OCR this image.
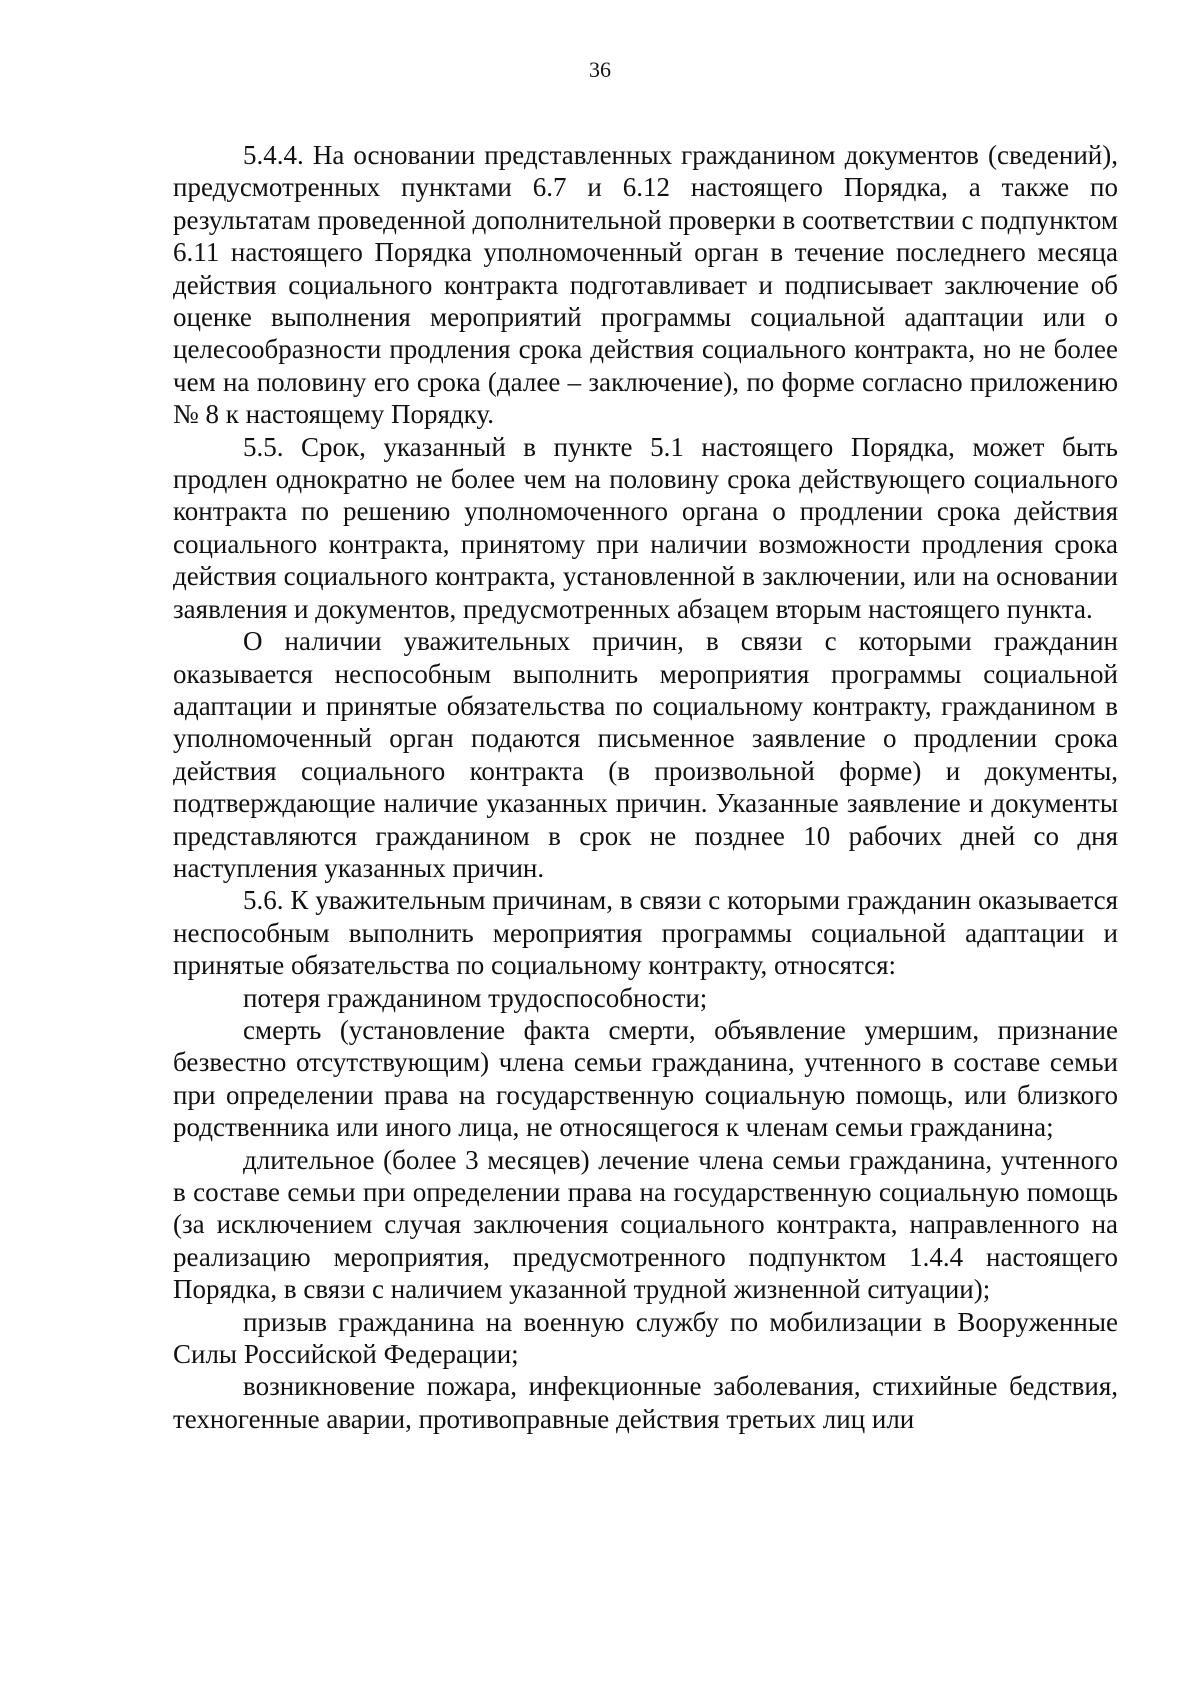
36

5.4.4. На основании представленных гражданином документов (сведений), предусмотренных пунктами 6.7 и 6.12 настоящего Порядка, а также по результатам проведенной дополнительной проверки в соответствии с подпунктом 6.11 настоящего Порядка уполномоченный орган в течение последнего месяца действия социального контракта подготавливает и подписывает заключение об оценке выполнения мероприятий программы социальной адаптации или о целесообразности продления срока действия социального контракта, но не более чем на половину его срока (далее – заключение), по форме согласно приложению № 8 к настоящему Порядку.

5.5. Срок, указанный в пункте 5.1 настоящего Порядка, может быть продлен однократно не более чем на половину срока действующего социального контракта по решению уполномоченного органа о продлении срока действия социального контракта, принятому при наличии возможности продления срока действия социального контракта, установленной в заключении, или на основании заявления и документов, предусмотренных абзацем вторым настоящего пункта.

О наличии уважительных причин, в связи с которыми гражданин оказывается неспособным выполнить мероприятия программы социальной адаптации и принятые обязательства по социальному контракту, гражданином в уполномоченный орган подаются письменное заявление о продлении срока действия социального контракта (в произвольной форме) и документы, подтверждающие наличие указанных причин. Указанные заявление и документы представляются гражданином в срок не позднее 10 рабочих дней со дня наступления указанных причин.

5.6. К уважительным причинам, в связи с которыми гражданин оказывается неспособным выполнить мероприятия программы социальной адаптации и принятые обязательства по социальному контракту, относятся:

потеря гражданином трудоспособности;

смерть (установление факта смерти, объявление умершим, признание безвестно отсутствующим) члена семьи гражданина, учтенного в составе семьи при определении права на государственную социальную помощь, или близкого родственника или иного лица, не относящегося к членам семьи гражданина;

длительное (более 3 месяцев) лечение члена семьи гражданина, учтенного в составе семьи при определении права на государственную социальную помощь (за исключением случая заключения социального контракта, направленного на реализацию мероприятия, предусмотренного подпунктом 1.4.4 настоящего Порядка, в связи с наличием указанной трудной жизненной ситуации);

призыв гражданина на военную службу по мобилизации в Вооруженные Силы Российской Федерации;

возникновение пожара, инфекционные заболевания, стихийные бедствия, техногенные аварии, противоправные действия третьих лиц или
